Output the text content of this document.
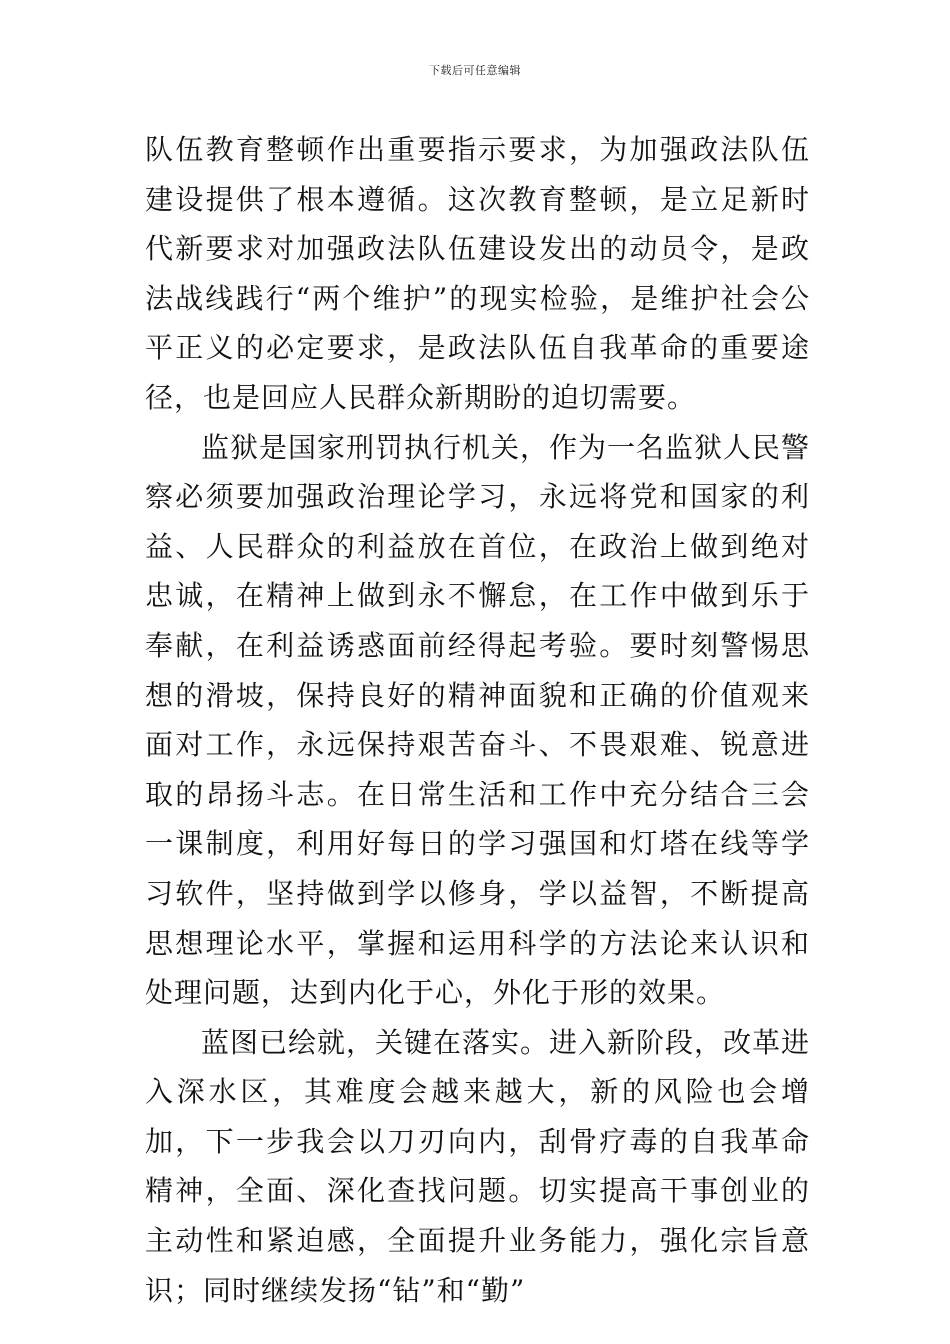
下载后可任意编辑

队伍教育整顿作出重要指示要求，为加强政法队伍建设提供了根本遵循。这次教育整顿，是立足新时代新要求对加强政法队伍建设发出的动员令，是政法战线践行“两个维护”的现实检验，是维护社会公平正义的必定要求，是政法队伍自我革命的重要途径，也是回应人民群众新期盼的迫切需要。

监狱是国家刑罚执行机关，作为一名监狱人民警察必须要加强政治理论学习，永远将党和国家的利益、人民群众的利益放在首位，在政治上做到绝对忠诚，在精神上做到永不懈怠，在工作中做到乐于奉献，在利益诱惑面前经得起考验。要时刻警惕思想的滑坡，保持良好的精神面貌和正确的价值观来面对工作，永远保持艰苦奋斗、不畏艰难、锐意进取的昂扬斗志。在日常生活和工作中充分结合三会一课制度，利用好每日的学习强国和灯塔在线等学习软件，坚持做到学以修身，学以益智，不断提高思想理论水平，掌握和运用科学的方法论来认识和处理问题，达到内化于心，外化于形的效果。

蓝图已绘就，关键在落实。进入新阶段，改革进入深水区，其难度会越来越大，新的风险也会增加，下一步我会以刀刃向内，刮骨疗毒的自我革命精神，全面、深化查找问题。切实提高干事创业的主动性和紧迫感，全面提升业务能力，强化宗旨意识；同时继续发扬“钻”和“勤”
